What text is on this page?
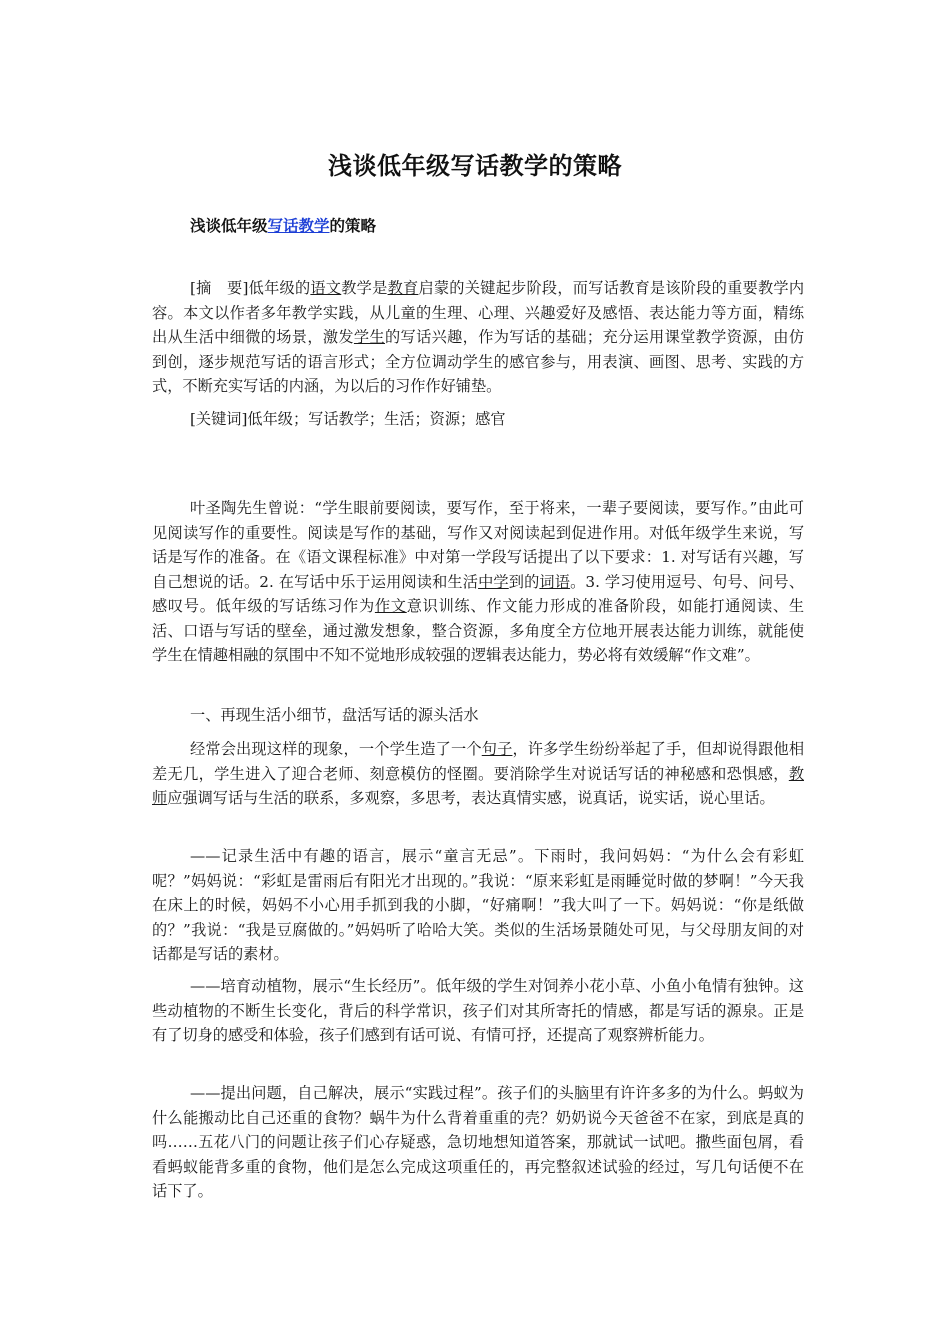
浅谈低年级写话教学的策略
浅谈低年级写话教学的策略

[摘　要]低年级的语文教学是教育启蒙的关键起步阶段，而写话教育是该阶段的重要教学内容。本文以作者多年教学实践，从儿童的生理、心理、兴趣爱好及感悟、表达能力等方面，精练出从生活中细微的场景，激发学生的写话兴趣，作为写话的基础；充分运用课堂教学资源，由仿到创，逐步规范写话的语言形式；全方位调动学生的感官参与，用表演、画图、思考、实践的方式，不断充实写话的内涵，为以后的习作作好铺垫。

[关键词]低年级；写话教学；生活；资源；感官

叶圣陶先生曾说：“学生眼前要阅读，要写作，至于将来，一辈子要阅读，要写作。”由此可见阅读写作的重要性。阅读是写作的基础，写作又对阅读起到促进作用。对低年级学生来说，写话是写作的准备。在《语文课程标准》中对第一学段写话提出了以下要求：1. 对写话有兴趣，写自己想说的话。2. 在写话中乐于运用阅读和生活中学到的词语。3. 学习使用逗号、句号、问号、感叹号。低年级的写话练习作为作文意识训练、作文能力形成的准备阶段，如能打通阅读、生活、口语与写话的壁垒，通过激发想象，整合资源，多角度全方位地开展表达能力训练，就能使学生在情趣相融的氛围中不知不觉地形成较强的逻辑表达能力，势必将有效缓解“作文难”。

一、再现生活小细节，盘活写话的源头活水

经常会出现这样的现象，一个学生造了一个句子，许多学生纷纷举起了手，但却说得跟他相差无几，学生进入了迎合老师、刻意模仿的怪圈。要消除学生对说话写话的神秘感和恐惧感，教师应强调写话与生活的联系，多观察，多思考，表达真情实感，说真话，说实话，说心里话。

——记录生活中有趣的语言，展示“童言无忌”。下雨时，我问妈妈：“为什么会有彩虹呢？”妈妈说：“彩虹是雷雨后有阳光才出现的。”我说：“原来彩虹是雨睡觉时做的梦啊！”今天我在床上的时候，妈妈不小心用手抓到我的小脚，“好痛啊！”我大叫了一下。妈妈说：“你是纸做的？”我说：“我是豆腐做的。”妈妈听了哈哈大笑。类似的生活场景随处可见，与父母朋友间的对话都是写话的素材。

——培育动植物，展示“生长经历”。低年级的学生对饲养小花小草、小鱼小龟情有独钟。这些动植物的不断生长变化，背后的科学常识，孩子们对其所寄托的情感，都是写话的源泉。正是有了切身的感受和体验，孩子们感到有话可说、有情可抒，还提高了观察辨析能力。

——提出问题，自己解决，展示“实践过程”。孩子们的头脑里有许许多多的为什么。蚂蚁为什么能搬动比自己还重的食物？蜗牛为什么背着重重的壳？奶奶说今天爸爸不在家，到底是真的吗……五花八门的问题让孩子们心存疑惑，急切地想知道答案，那就试一试吧。撒些面包屑，看看蚂蚁能背多重的食物，他们是怎么完成这项重任的，再完整叙述试验的经过，写几句话便不在话下了。
